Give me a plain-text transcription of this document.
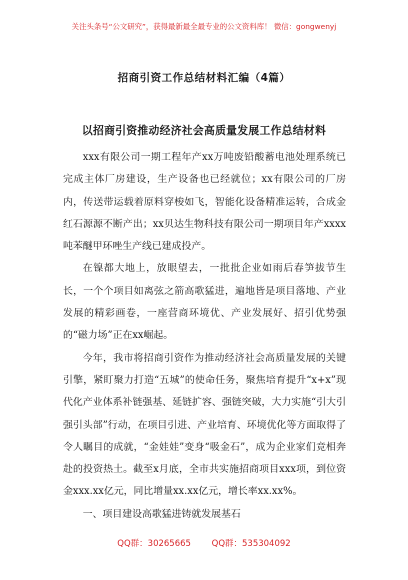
关注头条号“公文研究”，获得最新最全最专业的公文资料库！ 微信：gongwenyj
招商引资工作总结材料汇编（4篇）
以招商引资推动经济社会高质量发展工作总结材料

xxx有限公司一期工程年产xx万吨废铅酸蓄电池处理系统已完成主体厂房建设，生产设备也已经就位；xx有限公司的厂房内，传送带运载着原料穿梭如飞，智能化设备精准运转，合成金红石源源不断产出；xx贝达生物科技有限公司一期项目年产xxxx吨苯醚甲环唑生产线已建成投产。

在镍都大地上，放眼望去，一批批企业如雨后春笋拔节生长，一个个项目如离弦之箭高歌猛进，遍地皆是项目落地、产业发展的精彩画卷，一座营商环境优、产业发展好、招引优势强的“磁力场”正在xx崛起。

今年，我市将招商引资作为推动经济社会高质量发展的关键引擎，紧盯聚力打造“五城”的使命任务，聚焦培育提升“x+x”现代化产业体系补链强基、延链扩容、强链突破，大力实施“引大引强引头部”行动，在项目引进、产业培育、环境优化等方面取得了令人瞩目的成就，“金娃娃”变身“吸金石”，成为企业家们竞相奔赴的投资热土。截至x月底，全市共实施招商项目xxx项，到位资金xxx.xx亿元，同比增量xx.xx亿元，增长率xx.xx%。

一、项目建设高歌猛进铸就发展基石

QQ群：30265665 QQ群：535304092
